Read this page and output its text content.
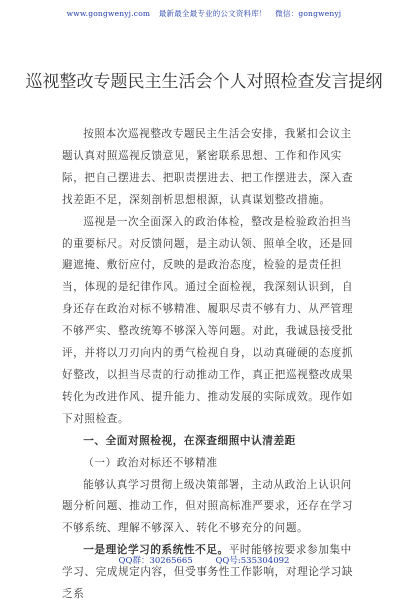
www.gongwenyj.com 最新最全最专业的公文资料库！ 微信：gongwenyj
巡视整改专题民主生活会个人对照检查发言提纲

按照本次巡视整改专题民主生活会安排，我紧扣会议主题认真对照巡视反馈意见，紧密联系思想、工作和作风实际，把自己摆进去、把职责摆进去、把工作摆进去，深入查找差距不足，深刻剖析思想根源，认真谋划整改措施。

巡视是一次全面深入的政治体检，整改是检验政治担当的重要标尺。对反馈问题，是主动认领、照单全收，还是回避遮掩、敷衍应付，反映的是政治态度，检验的是责任担当，体现的是纪律作风。通过全面检视，我深刻认识到，自身还存在政治对标不够精准、履职尽责不够有力、从严管理不够严实、整改统筹不够深入等问题。对此，我诚恳接受批评，并将以刀刃向内的勇气检视自身，以动真碰硬的态度抓好整改，以担当尽责的行动推动工作，真正把巡视整改成果转化为改进作风、提升能力、推动发展的实际成效。现作如下对照检查。

一、全面对照检视，在深查细照中认清差距

（一）政治对标还不够精准

能够认真学习贯彻上级决策部署，主动从政治上认识问题分析问题、推动工作，但对照高标准严要求，还存在学习不够系统、理解不够深入、转化不够充分的问题。

一是理论学习的系统性不足。平时能够按要求参加集中学习、完成规定内容，但受事务性工作影响，对理论学习缺乏系

QQ群：30265665	QQ号:535304092
